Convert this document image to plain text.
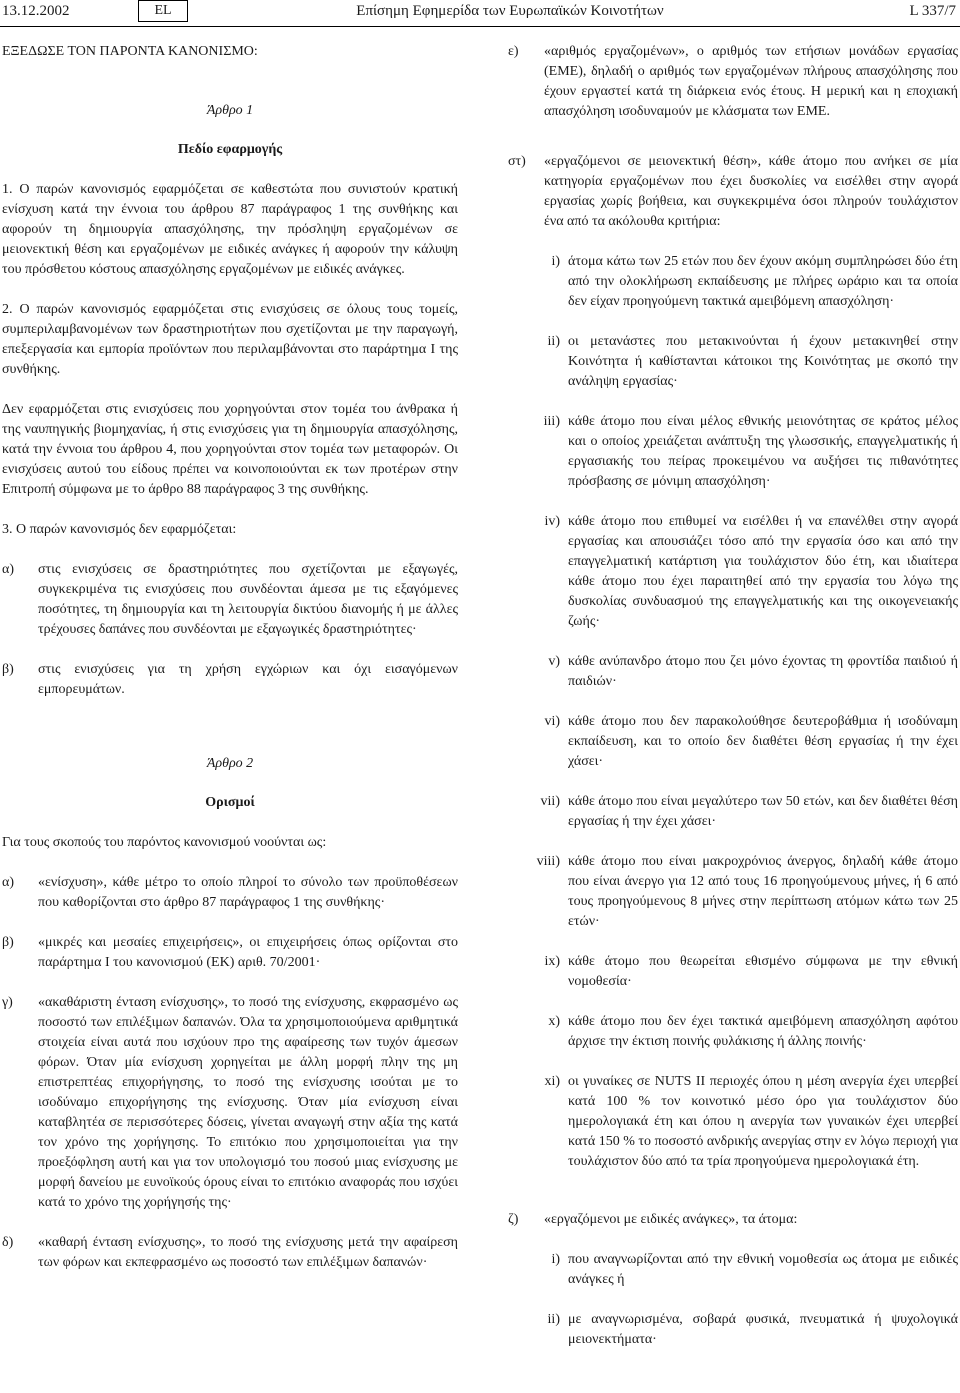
13.12.2002	EL	Επίσημη Εφημερίδα των Ευρωπαϊκών Κοινοτήτων	L 337/7

ΕΞΕΔΩΣΕ ΤΟΝ ΠΑΡΟΝΤΑ ΚΑΝΟΝΙΣΜΟ:

Άρθρο 1

Πεδίο εφαρμογής

1. Ο παρών κανονισμός εφαρμόζεται σε καθεστώτα που συνιστούν κρατική ενίσχυση κατά την έννοια του άρθρου 87 παράγραφος 1 της συνθήκης και αφορούν τη δημιουργία απασχόλησης, την πρόσληψη εργαζομένων σε μειονεκτική θέση και εργαζομένων με ειδικές ανάγκες ή αφορούν την κάλυψη του πρόσθετου κόστους απασχόλησης εργαζομένων με ειδικές ανάγκες.

2. Ο παρών κανονισμός εφαρμόζεται στις ενισχύσεις σε όλους τους τομείς, συμπεριλαμβανομένων των δραστηριοτήτων που σχετίζονται με την παραγωγή, επεξεργασία και εμπορία προϊόντων που περιλαμβάνονται στο παράρτημα I της συνθήκης.

Δεν εφαρμόζεται στις ενισχύσεις που χορηγούνται στον τομέα του άνθρακα ή της ναυπηγικής βιομηχανίας, ή στις ενισχύσεις για τη δημιουργία απασχόλησης, κατά την έννοια του άρθρου 4, που χορηγούνται στον τομέα των μεταφορών. Οι ενισχύσεις αυτού του είδους πρέπει να κοινοποιούνται εκ των προτέρων στην Επιτροπή σύμφωνα με το άρθρο 88 παράγραφος 3 της συνθήκης.

3. Ο παρών κανονισμός δεν εφαρμόζεται:

α)	στις ενισχύσεις σε δραστηριότητες που σχετίζονται με εξαγωγές, συγκεκριμένα τις ενισχύσεις που συνδέονται άμεσα με τις εξαγόμενες ποσότητες, τη δημιουργία και τη λειτουργία δικτύου διανομής ή με άλλες τρέχουσες δαπάνες που συνδέονται με εξαγωγικές δραστηριότητες·
β)	στις ενισχύσεις για τη χρήση εγχώριων και όχι εισαγόμενων εμπορευμάτων.

Άρθρο 2

Ορισμοί

Για τους σκοπούς του παρόντος κανονισμού νοούνται ως:

α)	«ενίσχυση», κάθε μέτρο το οποίο πληροί το σύνολο των προϋποθέσεων που καθορίζονται στο άρθρο 87 παράγραφος 1 της συνθήκης·
β)	«μικρές και μεσαίες επιχειρήσεις», οι επιχειρήσεις όπως ορίζονται στο παράρτημα I του κανονισμού (ΕΚ) αριθ. 70/2001·
γ)	«ακαθάριστη ένταση ενίσχυσης», το ποσό της ενίσχυσης, εκφρασμένο ως ποσοστό των επιλέξιμων δαπανών. Όλα τα χρησιμοποιούμενα αριθμητικά στοιχεία είναι αυτά που ισχύουν προ της αφαίρεσης των τυχόν άμεσων φόρων. Όταν μία ενίσχυση χορηγείται με άλλη μορφή πλην της μη επιστρεπτέας επιχορήγησης, το ποσό της ενίσχυσης ισούται με το ισοδύναμο επιχορήγησης της ενίσχυσης. Όταν μία ενίσχυση είναι καταβλητέα σε περισσότερες δόσεις, γίνεται αναγωγή στην αξία της κατά τον χρόνο της χορήγησης. Το επιτόκιο που χρησιμοποιείται για την προεξόφληση αυτή και για τον υπολογισμό του ποσού μιας ενίσχυσης με μορφή δανείου με ευνοϊκούς όρους είναι το επιτόκιο αναφοράς που ισχύει κατά το χρόνο της χορήγησής της·
δ)	«καθαρή ένταση ενίσχυσης», το ποσό της ενίσχυσης μετά την αφαίρεση των φόρων και εκπεφρασμένο ως ποσοστό των επιλέξιμων δαπανών·
ε)	«αριθμός εργαζομένων», ο αριθμός των ετήσιων μονάδων εργασίας (ΕΜΕ), δηλαδή ο αριθμός των εργαζομένων πλήρους απασχόλησης που έχουν εργαστεί κατά τη διάρκεια ενός έτους. Η μερική και η εποχιακή απασχόληση ισοδυναμούν με κλάσματα των ΕΜΕ.
στ)	«εργαζόμενοι σε μειονεκτική θέση», κάθε άτομο που ανήκει σε μία κατηγορία εργαζομένων που έχει δυσκολίες να εισέλθει στην αγορά εργασίας χωρίς βοήθεια, και συγκεκριμένα όσοι πληρούν τουλάχιστον ένα από τα ακόλουθα κριτήρια:
i) άτομα κάτω των 25 ετών που δεν έχουν ακόμη συμπληρώσει δύο έτη από την ολοκλήρωση εκπαίδευσης με πλήρες ωράριο και τα οποία δεν είχαν προηγούμενη τακτικά αμειβόμενη απασχόληση·
ii) οι μετανάστες που μετακινούνται ή έχουν μετακινηθεί στην Κοινότητα ή καθίστανται κάτοικοι της Κοινότητας με σκοπό την ανάληψη εργασίας·
iii) κάθε άτομο που είναι μέλος εθνικής μειονότητας σε κράτος μέλος και ο οποίος χρειάζεται ανάπτυξη της γλωσσικής, επαγγελματικής ή εργασιακής του πείρας προκειμένου να αυξήσει τις πιθανότητες πρόσβασης σε μόνιμη απασχόληση·
iv) κάθε άτομο που επιθυμεί να εισέλθει ή να επανέλθει στην αγορά εργασίας και απουσιάζει τόσο από την εργασία όσο και από την επαγγελματική κατάρτιση για τουλάχιστον δύο έτη, και ιδιαίτερα κάθε άτομο που έχει παραιτηθεί από την εργασία του λόγω της δυσκολίας συνδυασμού της επαγγελματικής και της οικογενειακής ζωής·
v) κάθε ανύπανδρο άτομο που ζει μόνο έχοντας τη φροντίδα παιδιού ή παιδιών·
vi) κάθε άτομο που δεν παρακολούθησε δευτεροβάθμια ή ισοδύναμη εκπαίδευση, και το οποίο δεν διαθέτει θέση εργασίας ή την έχει χάσει·
vii) κάθε άτομο που είναι μεγαλύτερο των 50 ετών, και δεν διαθέτει θέση εργασίας ή την έχει χάσει·
viii) κάθε άτομο που είναι μακροχρόνιος άνεργος, δηλαδή κάθε άτομο που είναι άνεργο για 12 από τους 16 προηγούμενους μήνες, ή 6 από τους προηγούμενους 8 μήνες στην περίπτωση ατόμων κάτω των 25 ετών·
ix) κάθε άτομο που θεωρείται εθισμένο σύμφωνα με την εθνική νομοθεσία·
x) κάθε άτομο που δεν έχει τακτικά αμειβόμενη απασχόληση αφότου άρχισε την έκτιση ποινής φυλάκισης ή άλλης ποινής·
xi) οι γυναίκες σε NUTS II περιοχές όπου η μέση ανεργία έχει υπερβεί κατά 100 % τον κοινοτικό μέσο όρο για τουλάχιστον δύο ημερολογιακά έτη και όπου η ανεργία των γυναικών έχει υπερβεί κατά 150 % το ποσοστό ανδρικής ανεργίας στην εν λόγω περιοχή για τουλάχιστον δύο από τα τρία προηγούμενα ημερολογιακά έτη.
ζ)	«εργαζόμενοι με ειδικές ανάγκες», τα άτομα:
i) που αναγνωρίζονται από την εθνική νομοθεσία ως άτομα με ειδικές ανάγκες ή
ii) με αναγνωρισμένα, σοβαρά φυσικά, πνευματικά ή ψυχολογικά μειονεκτήματα·
